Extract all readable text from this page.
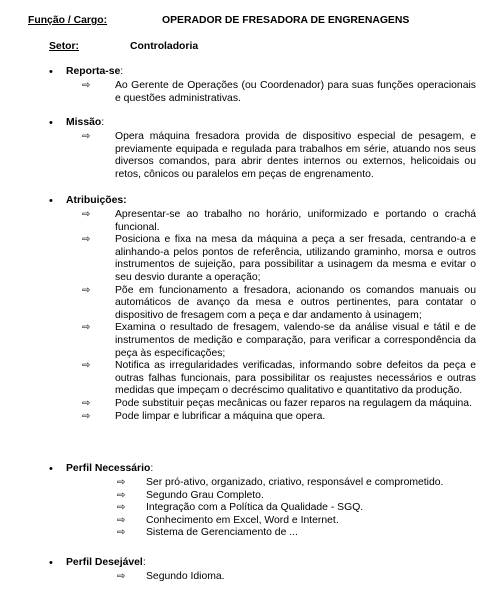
Função / Cargo:	OPERADOR DE FRESADORA DE ENGRENAGENS
Setor:	Controladoria
• Reporta-se:
⇨ Ao Gerente de Operações (ou Coordenador) para suas funções operacionais e questões administrativas.
• Missão:
⇨ Opera máquina fresadora provida de dispositivo especial de pesagem, e previamente equipada e regulada para trabalhos em série, atuando nos seus diversos comandos, para abrir dentes internos ou externos, helicoidais ou retos, cônicos ou paralelos em peças de engrenamento.
• Atribuições:
⇨ Apresentar-se ao trabalho no horário, uniformizado e portando o crachá funcional.
⇨ Posiciona e fixa na mesa da máquina a peça a ser fresada, centrando-a e alinhando-a pelos pontos de referência, utilizando graminho, morsa e outros instrumentos de sujeição, para possibilitar a usinagem da mesma e evitar o seu desvio durante a operação;
⇨ Põe em funcionamento a fresadora, acionando os comandos manuais ou automáticos de avanço da mesa e outros pertinentes, para contatar o dispositivo de fresagem com a peça e dar andamento à usinagem;
⇨ Examina o resultado de fresagem, valendo-se da análise visual e tátil e de instrumentos de medição e comparação, para verificar a correspondência da peça às especificações;
⇨ Notifica as irregularidades verificadas, informando sobre defeitos da peça e outras falhas funcionais, para possibilitar os reajustes necessários e outras medidas que impeçam o decréscimo qualitativo e quantitativo da produção.
⇨ Pode substituir peças mecânicas ou fazer reparos na regulagem da máquina.
⇨ Pode limpar e lubrificar a máquina que opera.
• Perfil Necessário:
⇨ Ser pró-ativo, organizado, criativo, responsável e comprometido.
⇨ Segundo Grau Completo.
⇨ Integração com a Política da Qualidade - SGQ.
⇨ Conhecimento em Excel, Word e Internet.
⇨ Sistema de Gerenciamento de ...
• Perfil Desejável:
⇨ Segundo Idioma.
